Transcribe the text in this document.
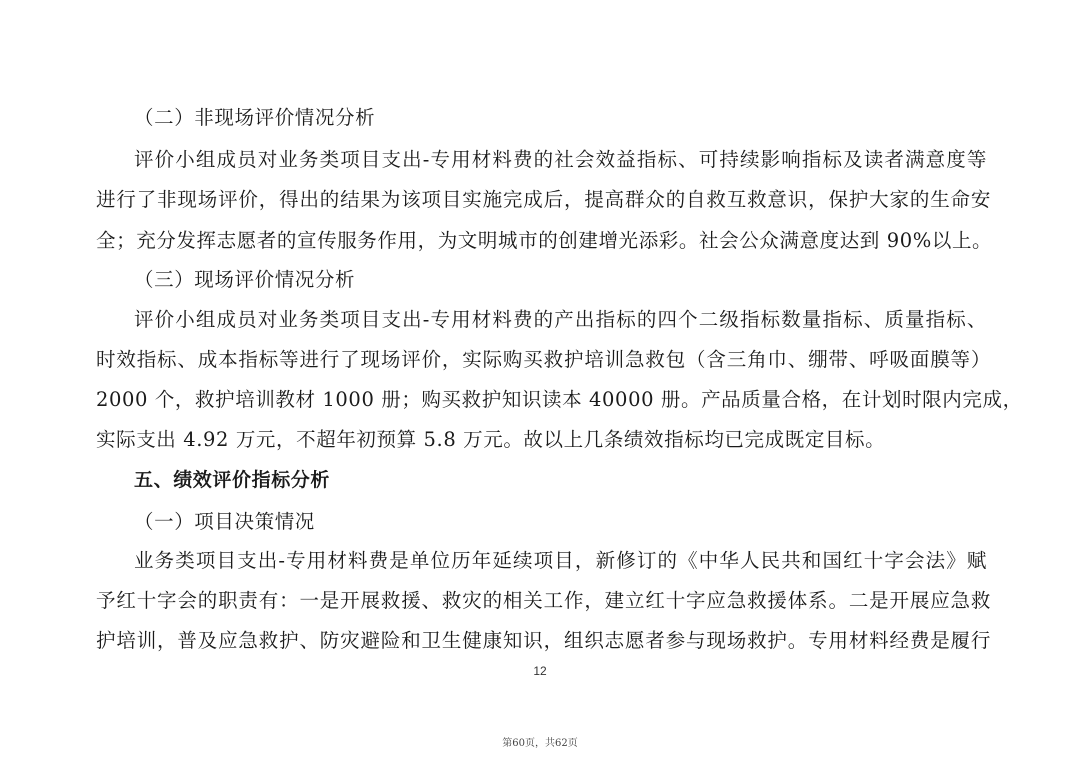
（二）非现场评价情况分析
评价小组成员对业务类项目支出-专用材料费的社会效益指标、可持续影响指标及读者满意度等
进行了非现场评价，得出的结果为该项目实施完成后，提高群众的自救互救意识，保护大家的生命安
全；充分发挥志愿者的宣传服务作用，为文明城市的创建增光添彩。社会公众满意度达到 90%以上。
（三）现场评价情况分析
评价小组成员对业务类项目支出-专用材料费的产出指标的四个二级指标数量指标、质量指标、
时效指标、成本指标等进行了现场评价，实际购买救护培训急救包（含三角巾、绷带、呼吸面膜等）
2000 个，救护培训教材 1000 册；购买救护知识读本 40000 册。产品质量合格，在计划时限内完成，
实际支出 4.92 万元，不超年初预算 5.8 万元。故以上几条绩效指标均已完成既定目标。
五、绩效评价指标分析
（一）项目决策情况
业务类项目支出-专用材料费是单位历年延续项目，新修订的《中华人民共和国红十字会法》赋
予红十字会的职责有：一是开展救援、救灾的相关工作，建立红十字应急救援体系。二是开展应急救
护培训，普及应急救护、防灾避险和卫生健康知识，组织志愿者参与现场救护。专用材料经费是履行
12
第60页，共62页
